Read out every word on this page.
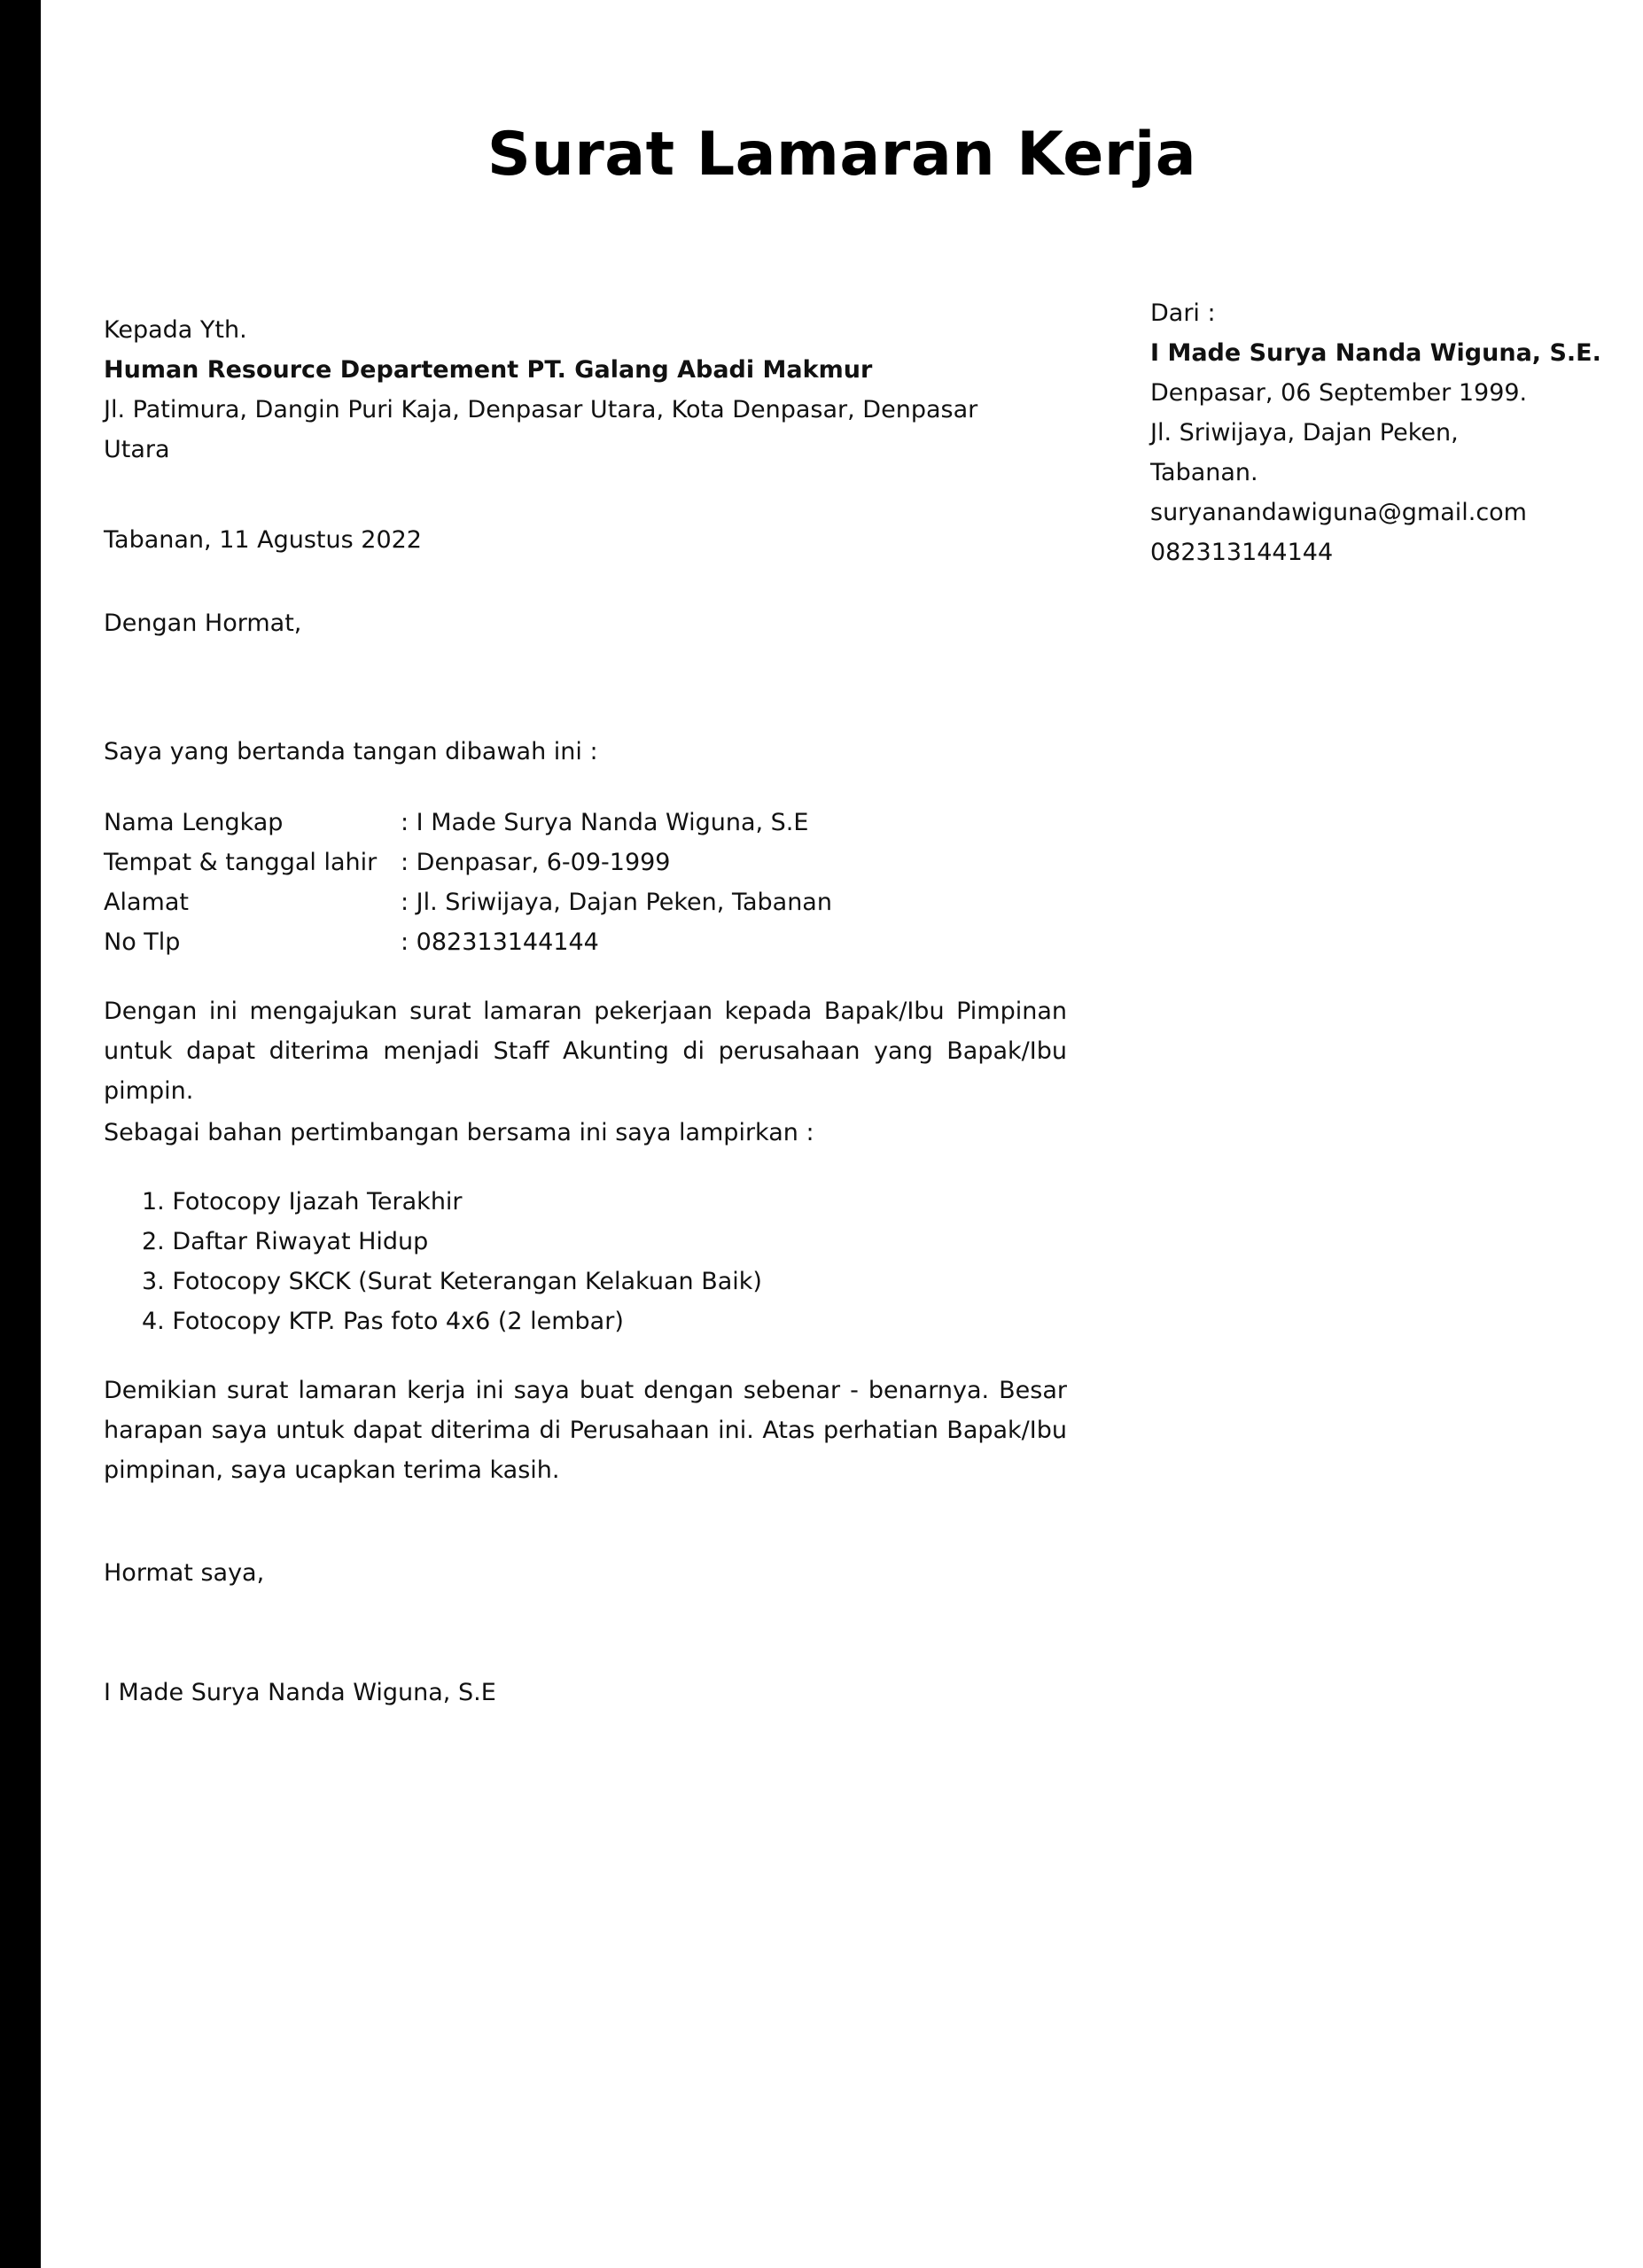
Surat Lamaran Kerja
Kepada Yth.
Human Resource Departement PT. Galang Abadi Makmur
Jl. Patimura, Dangin Puri Kaja, Denpasar Utara, Kota Denpasar, Denpasar
Utara
Dari :
I Made Surya Nanda Wiguna, S.E.
Denpasar, 06 September 1999.
Jl. Sriwijaya, Dajan Peken,
Tabanan.
suryanandawiguna@gmail.com
082313144144
Tabanan, 11 Agustus 2022
Dengan Hormat,
Saya yang bertanda tangan dibawah ini :
Nama Lengkap	: I Made Surya Nanda Wiguna, S.E
Tempat & tanggal lahir : Denpasar, 6-09-1999
Alamat	: Jl. Sriwijaya, Dajan Peken, Tabanan
No Tlp	: 082313144144
Dengan ini mengajukan surat lamaran pekerjaan kepada Bapak/Ibu Pimpinan untuk dapat diterima menjadi Staff Akunting di perusahaan yang Bapak/Ibu pimpin.
Sebagai bahan pertimbangan bersama ini saya lampirkan :
1. Fotocopy Ijazah Terakhir
2. Daftar Riwayat Hidup
3. Fotocopy SKCK (Surat Keterangan Kelakuan Baik)
4. Fotocopy KTP. Pas foto 4x6 (2 lembar)
Demikian surat lamaran kerja ini saya buat dengan sebenar - benarnya. Besar harapan saya untuk dapat diterima di Perusahaan ini. Atas perhatian Bapak/Ibu pimpinan, saya ucapkan terima kasih.
Hormat saya,
I Made Surya Nanda Wiguna, S.E
